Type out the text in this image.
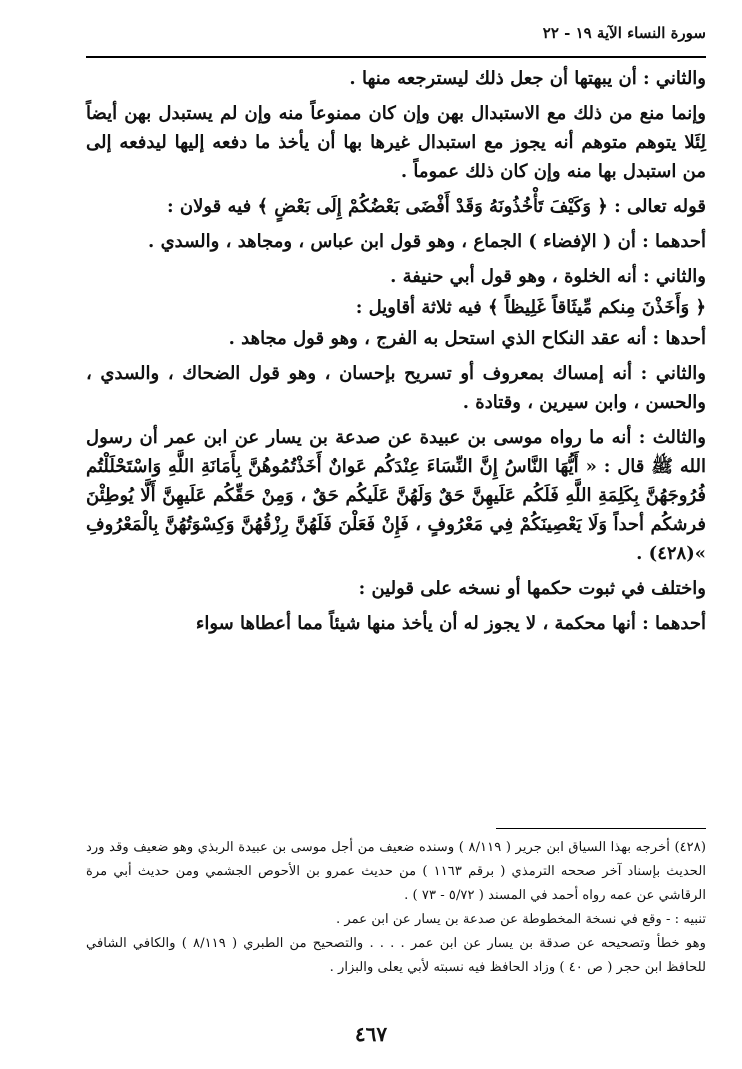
سورة النساء الآية ١٩ - ٢٢

والثاني : أن يبهتها أن جعل ذلك ليسترجعه منها .

وإنما منع من ذلك مع الاستبدال بهن وإن كان ممنوعاً منه وإن لم يستبدل بهن أيضاً لِئَلا يتوهم متوهم أنه يجوز مع استبدال غيرها بها أن يأخذ ما دفعه إليها ليدفعه إلى من استبدل بها منه وإن كان ذلك عموماً .

قوله تعالى : ﴿ وَكَيْفَ تَأْخُذُونَهُ وَقَدْ أَفْضَى بَعْضُكُمْ إِلَى بَعْضٍ ﴾ فيه قولان :

أحدهما : أن ( الإفضاء ) الجماع ، وهو قول ابن عباس ، ومجاهد ، والسدي .

والثاني : أنه الخلوة ، وهو قول أبي حنيفة .

﴿ وَأَخَذْنَ مِنكم مِّيثَاقاً غَلِيظاً ﴾ فيه ثلاثة أقاويل :

أحدها : أنه عقد النكاح الذي استحل به الفرج ، وهو قول مجاهد .

والثاني : أنه إمساك بمعروف أو تسريح بإحسان ، وهو قول الضحاك ، والسدي ، والحسن ، وابن سيرين ، وقتادة .

والثالث : أنه ما رواه موسى بن عبيدة عن صدعة بن يسار عن ابن عمر أن رسول الله ﷺ قال : « أَيُّهَا النَّاسُ إِنَّ النِّسَاءَ عِنْدَكُم عَوانٌ أَخَذْتُمُوهُنَّ بِأَمَانَةِ اللَّهِ وَاسْتَحْلَلْتُم فُرُوجَهُنَّ بِكَلِمَةِ اللَّهِ فَلَكُم عَلَيهِنَّ حَقٌ وَلَهُنَّ عَلَيكُم حَقٌ ، وَمِنْ حَقِّكُم عَلَيهِنَّ أَلَّا يُوطِئْنَ فرشكُم أحداً وَلَا يَعْصِينَكُمْ فِي مَعْرُوفٍ ، فَإِنْ فَعَلْنَ فَلَهُنَّ رِزْقُهُنَّ وَكِسْوَتُهُنَّ بِالْمَعْرُوفِ »(٤٢٨) .

واختلف في ثبوت حكمها أو نسخه على قولين :

أحدهما : أنها محكمة ، لا يجوز له أن يأخذ منها شيئاً مما أعطاها سواء

(٤٢٨) أخرجه بهذا السياق ابن جرير ( ٨/١١٩ ) وسنده ضعيف من أجل موسى بن عبيدة الربذي وهو ضعيف وقد ورد الحديث بإسناد آخر صححه الترمذي ( برقم ١١٦٣ ) من حديث عمرو بن الأحوص الجشمي ومن حديث أبي مرة الرقاشي عن عمه رواه أحمد في المسند ( ٥/٧٢ - ٧٣ ) .

تنبيه : - وقع في نسخة المخطوطة عن صدعة بن يسار عن ابن عمر .

وهو خطأ وتصحيحه عن صدقة بن يسار عن ابن عمر . . . . والتصحيح من الطبري ( ٨/١١٩ ) والكافي الشافي للحافظ ابن حجر ( ص ٤٠ ) وزاد الحافظ فيه نسبته لأبي يعلى والبزار .

٤٦٧
